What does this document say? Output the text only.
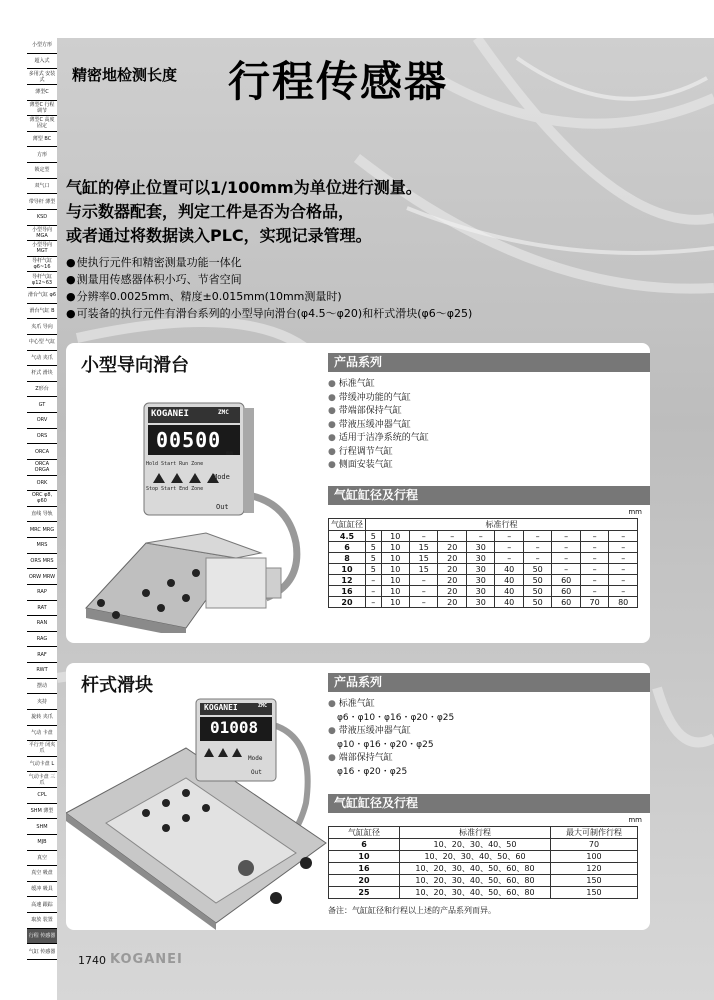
小型方形
超入式
多用式 安装式
薄型C
薄型C 行程调节
薄型C 高度固定
薄型 BC
方形
锁定型
双气口
带导杆 薄型
KSD
小型导向 MGA
小型导向 MGT
导杆气缸 φ6~16
导杆气缸 φ12~63
滑台气缸 φ6
滑台气缸 B
夹爪 导向
中心型 气缸
气动 夹爪
杆式 滑块
Z形台
GT
ORV
ORS
ORCA
ORCA ORGA
ORK
ORC φ8, φ60
直线 导轨
MRC MRG
MRS
ORS MRS
ORW MRW
RAP
RAT
RAN
RAG
RAF
RWT
摆动
夹持
旋转 夹爪
气动 卡盘
平行开 闭夹爪
气动卡盘 L
气动卡盘 三爪
CPL
SHM 薄型
SHM
MJB
真空
真空 吸盘
缓冲 吸具
高速 跟踪
取放 装置
行程 传感器
气缸 传感器
精密地检测长度 行程传感器
气缸的停止位置可以1/100mm为单位进行测量。
与示数器配套，判定工件是否为合格品，
或者通过将数据读入PLC，实现记录管理。
● 使执行元件和精密测量功能一体化
● 测量用传感器体积小巧、节省空间
● 分辨率0.0025mm、精度±0.015mm(10mm测量时)
● 可装备的执行元件有滑台系列的小型导向滑台(φ4.5～φ20)和杆式滑块(φ6～φ25)
小型导向滑台
KOGANEI	ZMC
00500
mm
Hold Start Run Zone
Stop Start End Zone
Mode
Out
产品系列
● 标准气缸
● 带缓冲功能的气缸
● 带端部保持气缸
● 带液压缓冲器气缸
● 适用于洁净系统的气缸
● 行程调节气缸
● 侧面安装气缸
气缸缸径及行程
mm
气缸缸径	标准行程									
4.5	5	10	–	–	–	–	–	–	–	–
6	5	10	15	20	30	–	–	–	–	–
8	5	10	15	20	30	–	–	–	–	–
10	5	10	15	20	30	40	50	–	–	–
12	–	10	–	20	30	40	50	60	–	–
16	–	10	–	20	30	40	50	60	–	–
20	–	10	–	20	30	40	50	60	70	80
杆式滑块
KOGANEI	ZMC
01008
Mode
Out
产品系列
● 标准气缸
φ6・φ10・φ16・φ20・φ25
● 带液压缓冲器气缸
φ10・φ16・φ20・φ25
● 端部保持气缸
φ16・φ20・φ25
气缸缸径及行程
mm
气缸缸径	标准行程	最大可制作行程
6	10、20、30、40、50	70
10	10、20、30、40、50、60	100
16	10、20、30、40、50、60、80	120
20	10、20、30、40、50、60、80	150
25	10、20、30、40、50、60、80	150
备注：气缸缸径和行程以上述的产品系列而异。
1740 KOGANEI
